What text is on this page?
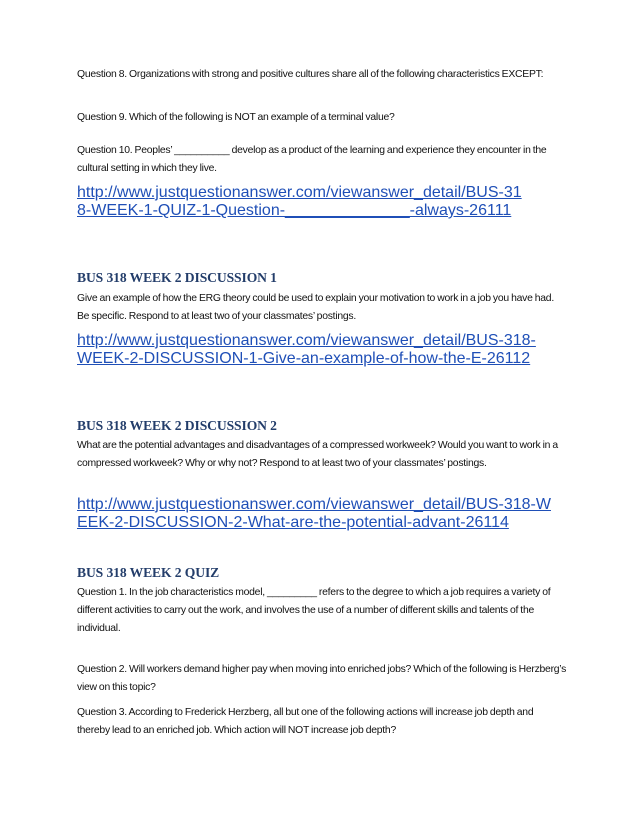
Question 8. Organizations with strong and positive cultures share all of the following characteristics EXCEPT:

Question 9. Which of the following is NOT an example of a terminal value?

Question 10. Peoples’ __________ develop as a product of the learning and experience they encounter in the cultural setting in which they live.

http://www.justquestionanswer.com/viewanswer_detail/BUS-318-WEEK-1-QUIZ-1-Question-______________-always-26111
BUS 318 WEEK 2 DISCUSSION 1

Give an example of how the ERG theory could be used to explain your motivation to work in a job you have had. Be specific. Respond to at least two of your classmates’ postings.

http://www.justquestionanswer.com/viewanswer_detail/BUS-318-WEEK-2-DISCUSSION-1-Give-an-example-of-how-the-E-26112
BUS 318 WEEK 2 DISCUSSION 2

What are the potential advantages and disadvantages of a compressed workweek? Would you want to work in a compressed workweek? Why or why not? Respond to at least two of your classmates’ postings.

http://www.justquestionanswer.com/viewanswer_detail/BUS-318-WEEK-2-DISCUSSION-2-What-are-the-potential-advant-26114
BUS 318 WEEK 2 QUIZ

Question 1. In the job characteristics model, _________ refers to the degree to which a job requires a variety of different activities to carry out the work, and involves the use of a number of different skills and talents of the individual.

Question 2. Will workers demand higher pay when moving into enriched jobs? Which of the following is Herzberg’s view on this topic?

Question 3. According to Frederick Herzberg, all but one of the following actions will increase job depth and thereby lead to an enriched job. Which action will NOT increase job depth?
